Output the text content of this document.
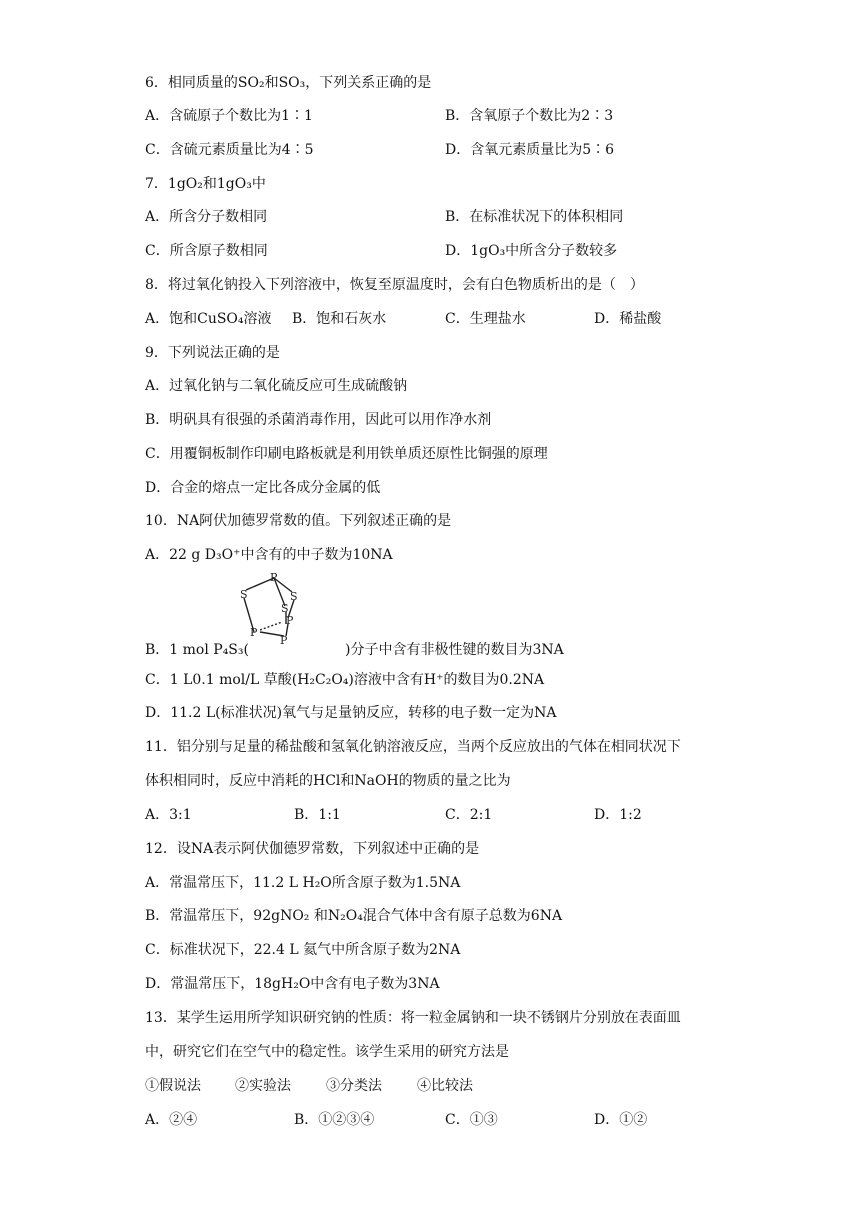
6．相同质量的SO₂和SO₃，下列关系正确的是
A．含硫原子个数比为1∶1	B．含氧原子个数比为2∶3
C．含硫元素质量比为4∶5	D．含氧元素质量比为5∶6
7．1gO₂和1gO₃中
A．所含分子数相同	B．在标准状况下的体积相同
C．所含原子数相同	D．1gO₃中所含分子数较多
8．将过氧化钠投入下列溶液中，恢复至原温度时，会有白色物质析出的是（　）
A．饱和CuSO₄溶液 B．饱和石灰水	C．生理盐水	D．稀盐酸
9．下列说法正确的是
A．过氧化钠与二氧化硫反应可生成硫酸钠
B．明矾具有很强的杀菌消毒作用，因此可以用作净水剂
C．用覆铜板制作印刷电路板就是利用铁单质还原性比铜强的原理
D．合金的熔点一定比各成分金属的低
10．NA阿伏加德罗常数的值。下列叙述正确的是
A．22 g D₃O⁺中含有的中子数为10NA
P
S	S
S
P
P
P
B．1 mol P₄S₃(	)分子中含有非极性键的数目为3NA
C．1 L0.1 mol/L 草酸(H₂C₂O₄)溶液中含有H⁺的数目为0.2NA
D．11.2 L(标准状况)氧气与足量钠反应，转移的电子数一定为NA
11．铝分别与足量的稀盐酸和氢氧化钠溶液反应，当两个反应放出的气体在相同状况下
体积相同时，反应中消耗的HCl和NaOH的物质的量之比为
A．3:1	B．1:1	C．2:1	D．1:2
12．设NA表示阿伏伽德罗常数，下列叙述中正确的是
A．常温常压下，11.2 L H₂O所含原子数为1.5NA
B．常温常压下，92gNO₂ 和N₂O₄混合气体中含有原子总数为6NA
C．标准状况下，22.4 L 氦气中所含原子数为2NA
D．常温常压下，18gH₂O中含有电子数为3NA
13．某学生运用所学知识研究钠的性质：将一粒金属钠和一块不锈钢片分别放在表面皿
中，研究它们在空气中的稳定性。该学生采用的研究方法是
①假说法 ②实验法	③分类法	④比较法
A．②④	B．①②③④	C．①③	D．①②
